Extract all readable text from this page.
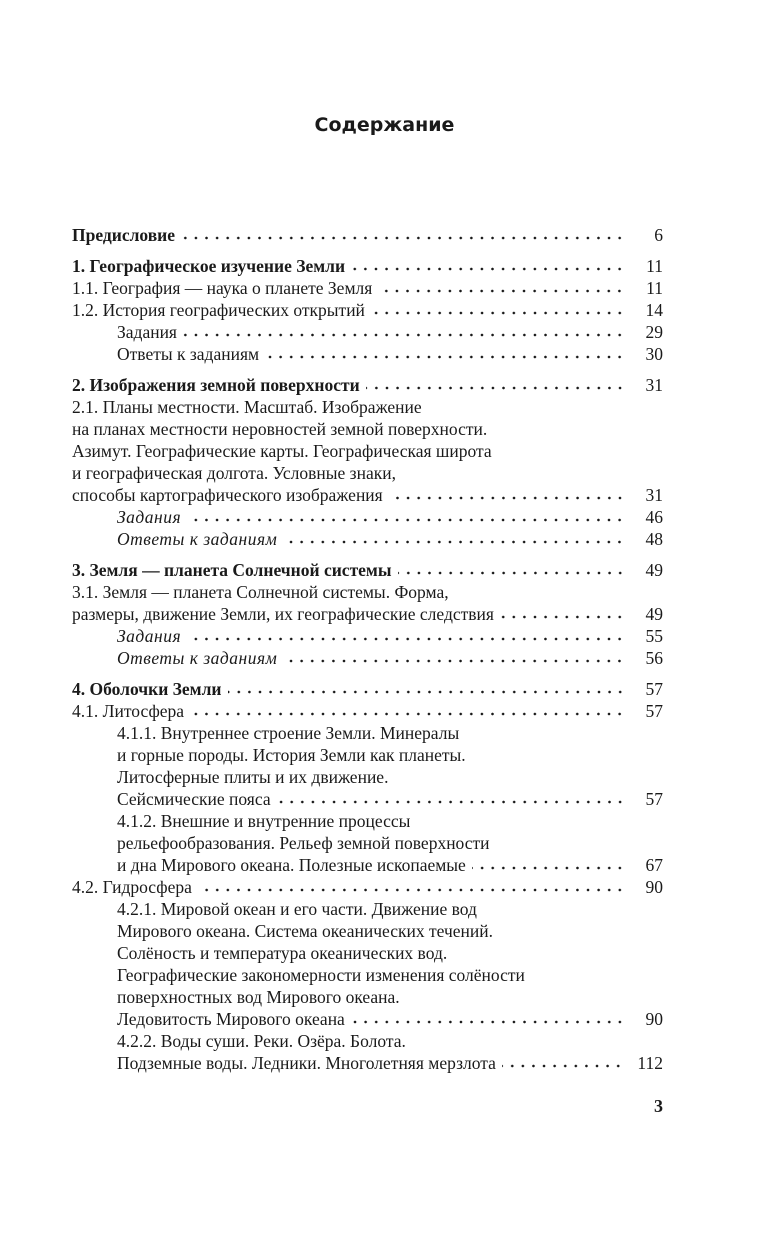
Содержание
Предисловие	6
1. Географическое изучение Земли	11
1.1. География — наука о планете Земля	11
1.2. История географических открытий	14
Задания	29
Ответы к заданиям	30
2. Изображения земной поверхности	31
2.1. Планы местности. Масштаб. Изображение
на планах местности неровностей земной поверхности.
Азимут. Географические карты. Географическая широта
и географическая долгота. Условные знаки,
способы картографического изображения	31
Задания	46
Ответы к заданиям	48
3. Земля — планета Солнечной системы	49
3.1. Земля — планета Солнечной системы. Форма,
размеры, движение Земли, их географические следствия	49
Задания	55
Ответы к заданиям	56
4. Оболочки Земли	57
4.1. Литосфера	57
4.1.1. Внутреннее строение Земли. Минералы
и горные породы. История Земли как планеты.
Литосферные плиты и их движение.
Сейсмические пояса	57
4.1.2. Внешние и внутренние процессы
рельефообразования. Рельеф земной поверхности
и дна Мирового океана. Полезные ископаемые	67
4.2. Гидросфера	90
4.2.1. Мировой океан и его части. Движение вод
Мирового океана. Система океанических течений.
Солёность и температура океанических вод.
Географические закономерности изменения солёности
поверхностных вод Мирового океана.
Ледовитость Мирового океана	90
4.2.2. Воды суши. Реки. Озёра. Болота.
Подземные воды. Ледники. Многолетняя мерзлота	112
3
